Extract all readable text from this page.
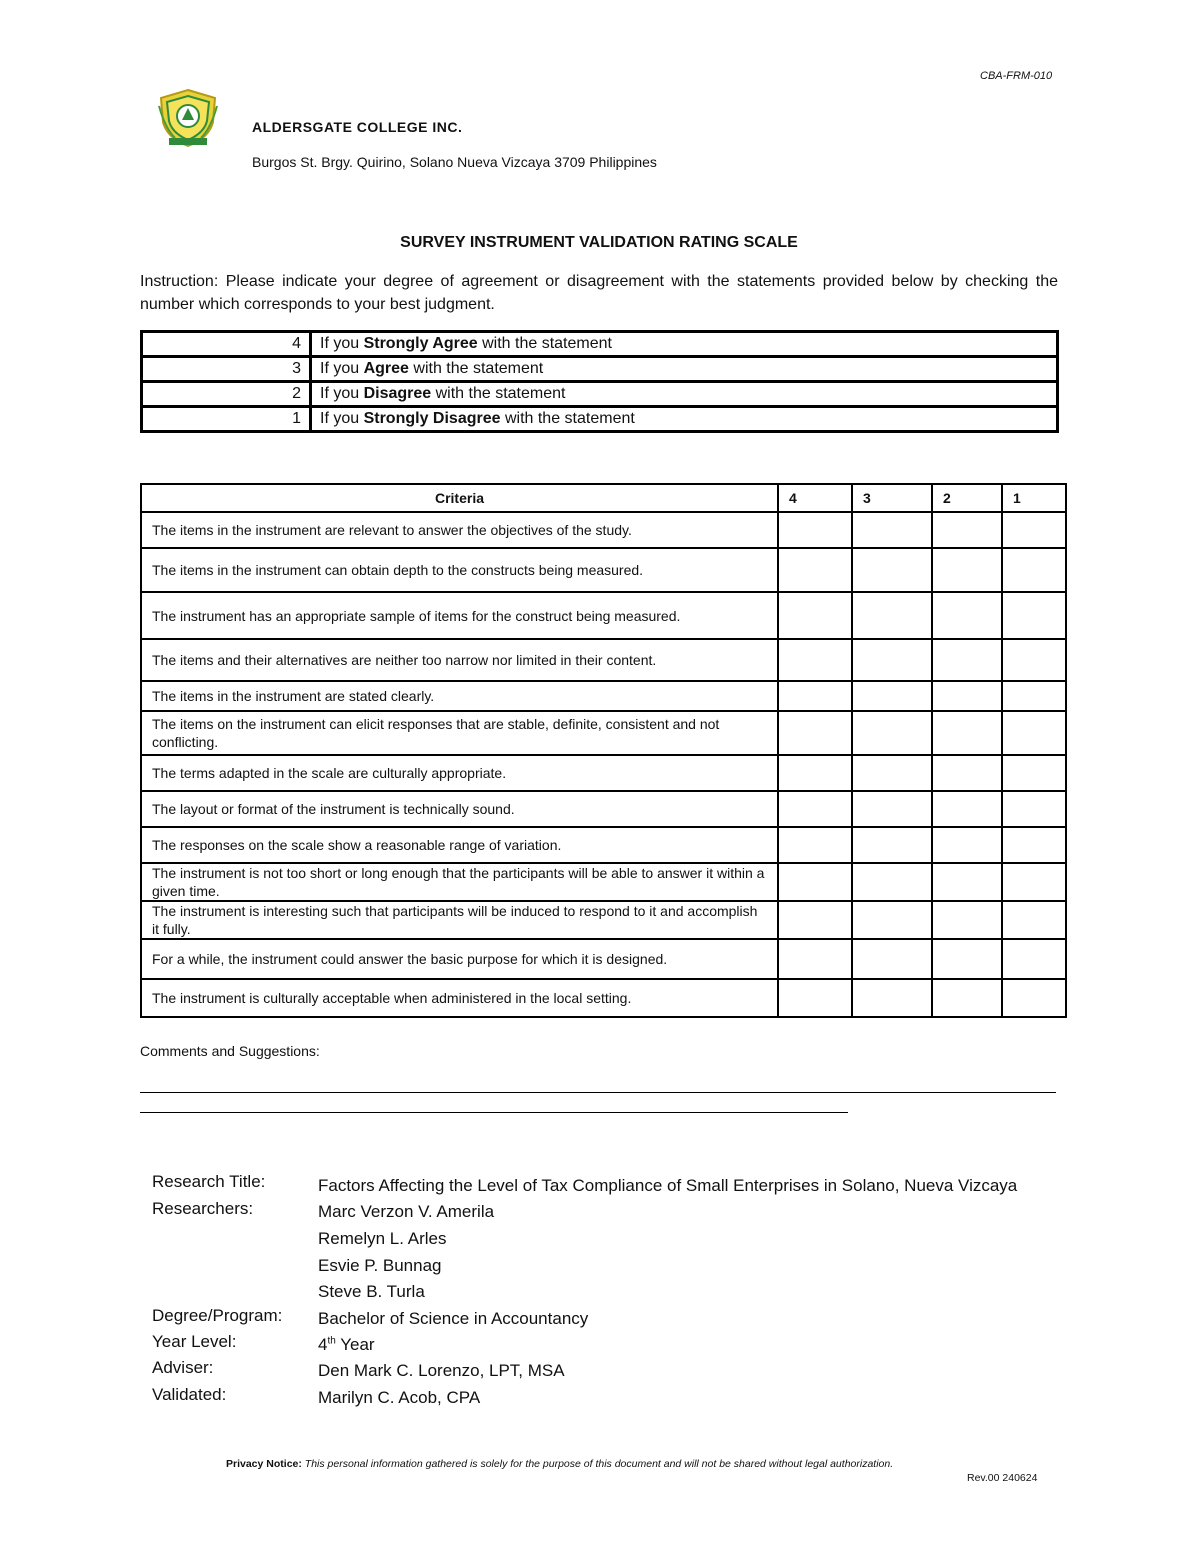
CBA-FRM-010
ALDERSGATE COLLEGE INC.
Burgos St. Brgy. Quirino, Solano Nueva Vizcaya 3709 Philippines
SURVEY INSTRUMENT VALIDATION RATING SCALE
Instruction: Please indicate your degree of agreement or disagreement with the statements provided below by checking the number which corresponds to your best judgment.
4	If you Strongly Agree with the statement
3	If you Agree with the statement
2	If you Disagree with the statement
1	If you Strongly Disagree with the statement
Criteria	4	3	2	1
The items in the instrument are relevant to answer the objectives of the study.				
The items in the instrument can obtain depth to the constructs being measured.				
The instrument has an appropriate sample of items for the construct being measured.				
The items and their alternatives are neither too narrow nor limited in their content.				
The items in the instrument are stated clearly.				
The items on the instrument can elicit responses that are stable, definite, consistent and not conflicting.				
The terms adapted in the scale are culturally appropriate.				
The layout or format of the instrument is technically sound.				
The responses on the scale show a reasonable range of variation.				
The instrument is not too short or long enough that the participants will be able to answer it within a given time.				
The instrument is interesting such that participants will be induced to respond to it and accomplish it fully.				
For a while, the instrument could answer the basic purpose for which it is designed.				
The instrument is culturally acceptable when administered in the local setting.				
Comments and Suggestions:
Research Title:	Factors Affecting the Level of Tax Compliance of Small Enterprises in Solano, Nueva Vizcaya
Researchers:	Marc Verzon V. Amerila
Remelyn L. Arles
Esvie P. Bunnag
Steve B. Turla
Degree/Program: Bachelor of Science in Accountancy
Year Level:	4th Year
Adviser:	Den Mark C. Lorenzo, LPT, MSA
Validated:	Marilyn C. Acob, CPA
Privacy Notice: This personal information gathered is solely for the purpose of this document and will not be shared without legal authorization.
Rev.00 240624
